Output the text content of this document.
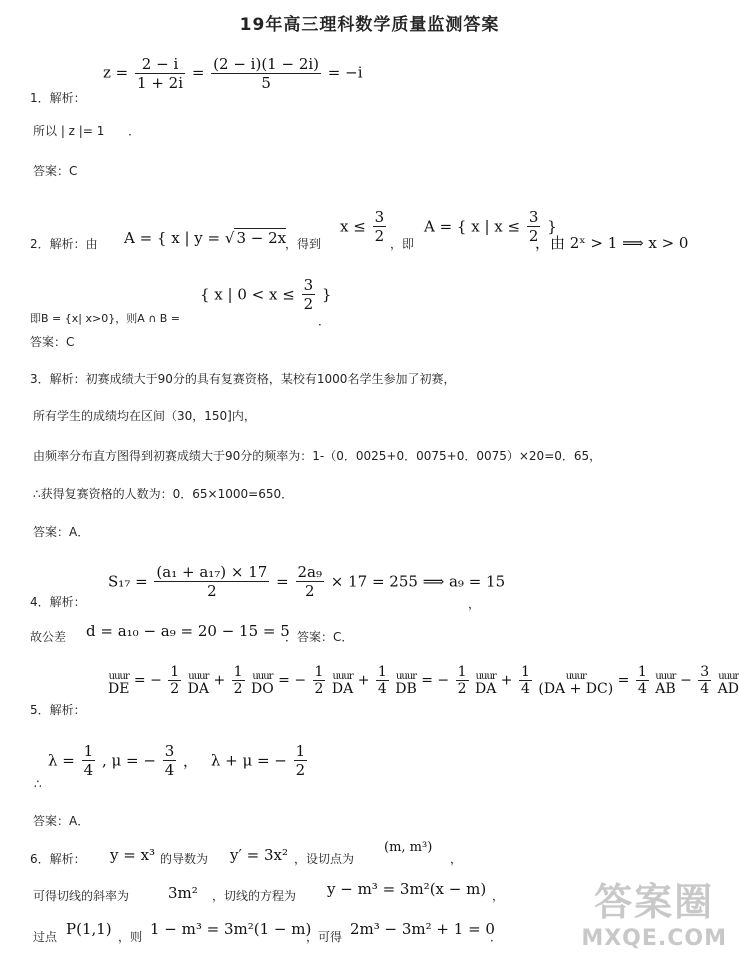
19年高三理科数学质量监测答案
$z = \frac{2 - i}{1 + 2i} = \frac{(2 - i)(1 - 2i)}{5} = -i$
1．解析：
所以 | z |= 1 ．
答案：C
2．解析：由 A = { x | y = √ 3 − 2x
，得到
$x \le \frac{3}{2}$ ，即
A = { x | $x \le \frac{3}{2}$ }
，由 2ˣ > 1 ⟹ x > 0
即B = {x| x>0}，则A ∩ B =
{ x | $0 < x \le \frac{3}{2}$ }
．
答案：C
3．解析：初赛成绩大于90分的具有复赛资格，某校有1000名学生参加了初赛，
所有学生的成绩均在区间（30，150]内，
由频率分布直方图得到初赛成绩大于90分的频率为：1-（0．0025+0．0075+0．0075）×20=0．65，
∴获得复赛资格的人数为：0．65×1000=650．
答案：A．
$S_{17} = \frac{\text{(a₁ + a₁₇) × 17}}{2} = \frac{\text{2a₉}}{2} \times 17 = 255$ ⟹ a₉ = 15
4．解析：	，
故公差 d = a₁₀ − a₉ = 20 − 15 = 5
．答案：C．
uuur
DE = − $\frac{1}{2}$
uuur
DA + $\frac{1}{2}$
uuur
DO = − $\frac{1}{2}$
uuur
DA + $\frac{1}{4}$
uuur
DB = − $\frac{1}{2}$
uuur
DA + $\frac{1}{4}$
	uuur
$(DA + DC) = \frac{1}{4}$
uuur
AB − $\frac{3}{4}$
uuur
AD
5．解析：
$\lambda = \frac{1}{4}$ , μ = − $\frac{3}{4}$ ， λ + μ = − $\frac{1}{2}$
∴
答案：A．
6．解析： y = x³ 的导数为 y′ = 3x² ，设切点为
(m, m³)
，
可得切线的斜率为	3m² ，切线的方程为 y − m³ = 3m²(x − m) ，
过点 P(1,1) ，则 1 − m³ = 3m²(1 − m)
，可得 2m³ − 3m² + 1 = 0
．
答案圈
MXQE.COM
